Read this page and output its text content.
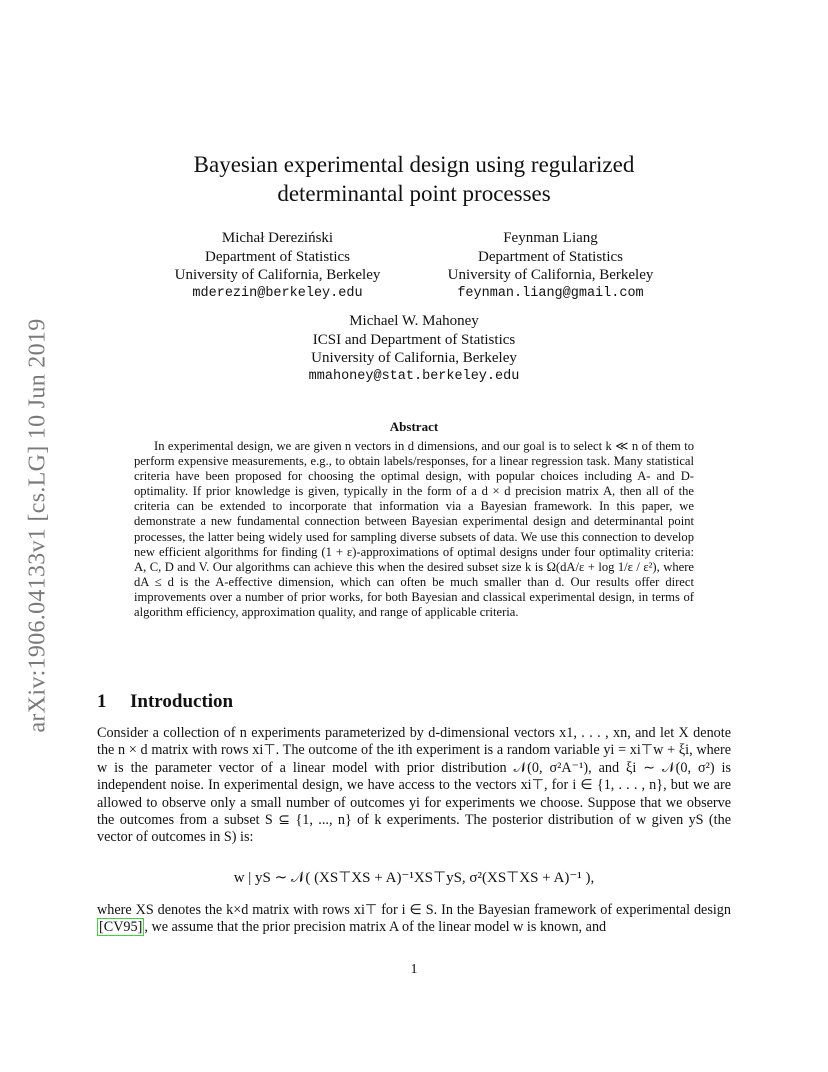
arXiv:1906.04133v1 [cs.LG] 10 Jun 2019
Bayesian experimental design using regularized
determinantal point processes
Michał Dereziński
Department of Statistics
University of California, Berkeley
mderezin@berkeley.edu
Feynman Liang
Department of Statistics
University of California, Berkeley
feynman.liang@gmail.com
Michael W. Mahoney
ICSI and Department of Statistics
University of California, Berkeley
mmahoney@stat.berkeley.edu
Abstract
In experimental design, we are given n vectors in d dimensions, and our goal is to select k ≪ n of them to perform expensive measurements, e.g., to obtain labels/responses, for a linear regression task. Many statistical criteria have been proposed for choosing the optimal design, with popular choices including A- and D-optimality. If prior knowledge is given, typically in the form of a d × d precision matrix A, then all of the criteria can be extended to incorporate that information via a Bayesian framework. In this paper, we demonstrate a new fundamental connection between Bayesian experimental design and determinantal point processes, the latter being widely used for sampling diverse subsets of data. We use this connection to develop new efficient algorithms for finding (1 + ε)-approximations of optimal designs under four optimality criteria: A, C, D and V. Our algorithms can achieve this when the desired subset size k is Ω(dA/ε + log 1/ε / ε²), where dA ≤ d is the A-effective dimension, which can often be much smaller than d. Our results offer direct improvements over a number of prior works, for both Bayesian and classical experimental design, in terms of algorithm efficiency, approximation quality, and range of applicable criteria.
1 Introduction
Consider a collection of n experiments parameterized by d-dimensional vectors x1, . . . , xn, and let X denote the n × d matrix with rows xi⊤. The outcome of the ith experiment is a random variable yi = xi⊤w + ξi, where w is the parameter vector of a linear model with prior distribution 𝒩(0, σ²A⁻¹), and ξi ∼ 𝒩(0, σ²) is independent noise. In experimental design, we have access to the vectors xi⊤, for i ∈ {1, . . . , n}, but we are allowed to observe only a small number of outcomes yi for experiments we choose. Suppose that we observe the outcomes from a subset S ⊆ {1, ..., n} of k experiments. The posterior distribution of w given yS (the vector of outcomes in S) is:
w | yS ∼ 𝒩( (XS⊤XS + A)⁻¹XS⊤yS, σ²(XS⊤XS + A)⁻¹ ),
where XS denotes the k×d matrix with rows xi⊤ for i ∈ S. In the Bayesian framework of experimental design [CV95] , we assume that the prior precision matrix A of the linear model w is known, and
1
